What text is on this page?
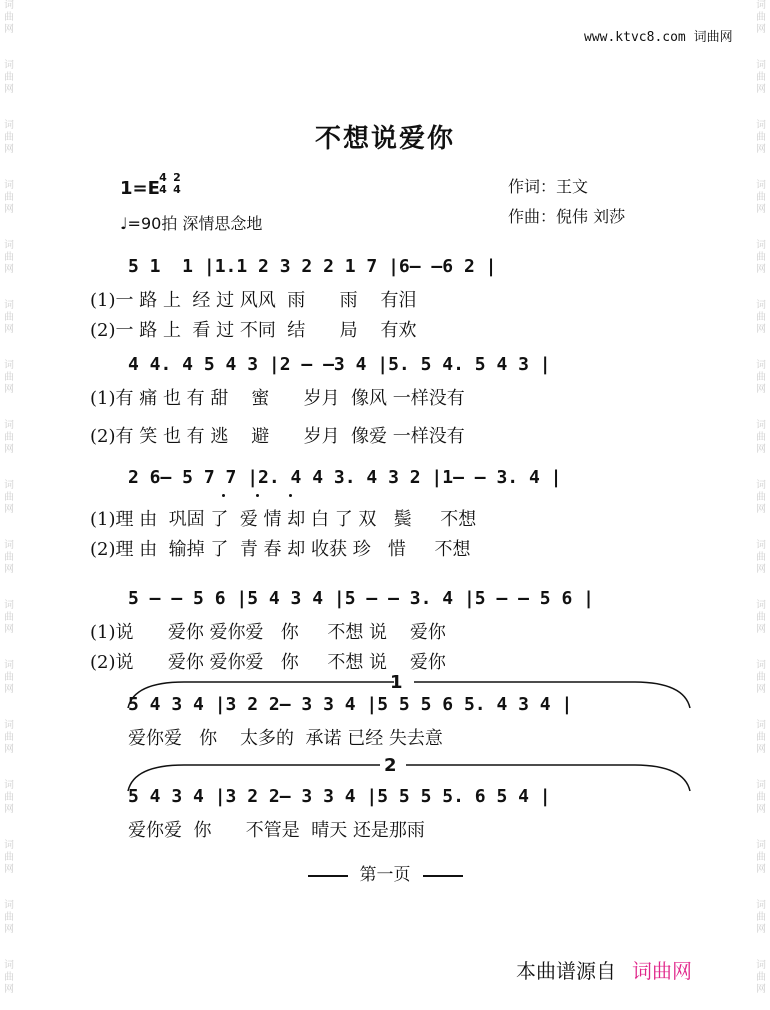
词曲网
词曲网
词曲网
词曲网
词曲网
词曲网
词曲网
词曲网
词曲网
词曲网
词曲网
词曲网
词曲网
词曲网
词曲网
词曲网
词曲网
词曲网
词曲网
词曲网
词曲网
词曲网
词曲网
词曲网
词曲网
词曲网
词曲网
词曲网
词曲网
词曲网
词曲网
词曲网
词曲网
词曲网
www.ktvc8.com 词曲网
不想说爱你
1=E
4
4
2
4
♩=90拍 深情思念地
作词：王文
作曲：倪伟 刘莎
5 1  1 |1.1 2 3 2 2 1 7 |6— —6 2 |
(1)一 路 上  经 过 风风  雨      雨    有泪
(2)一 路 上  看 过 不同  结      局    有欢
4 4. 4 5 4 3 |2 — —3 4 |5. 5 4. 5 4 3 |
(1)有 痛 也 有 甜    蜜      岁月  像风 一样没有
(2)有 笑 也 有 逃    避      岁月  像爱 一样没有
2 6— 5 7 7 |2. 4 4 3. 4 3 2 |1— — 3. 4 |
(1)理 由  巩固 了  爱 情 却 白 了 双   鬓     不想
(2)理 由  输掉 了  青 春 却 收获 珍   惜     不想
5 — — 5 6 |5 4 3 4 |5 — — 3. 4 |5 — — 5 6 |
(1)说      爱你 爱你爱   你     不想 说    爱你
(2)说      爱你 爱你爱   你     不想 说    爱你
1
5 4 3 4 |3 2 2— 3 3 4 |5 5 5 6 5. 4 3 4 |
爱你爱   你    太多的  承诺 已经 失去意
2
5 4 3 4 |3 2 2— 3 3 4 |5 5 5 5. 6 5 4 |
爱你爱  你      不管是  晴天 还是那雨
第一页
本曲谱源自 词曲网
